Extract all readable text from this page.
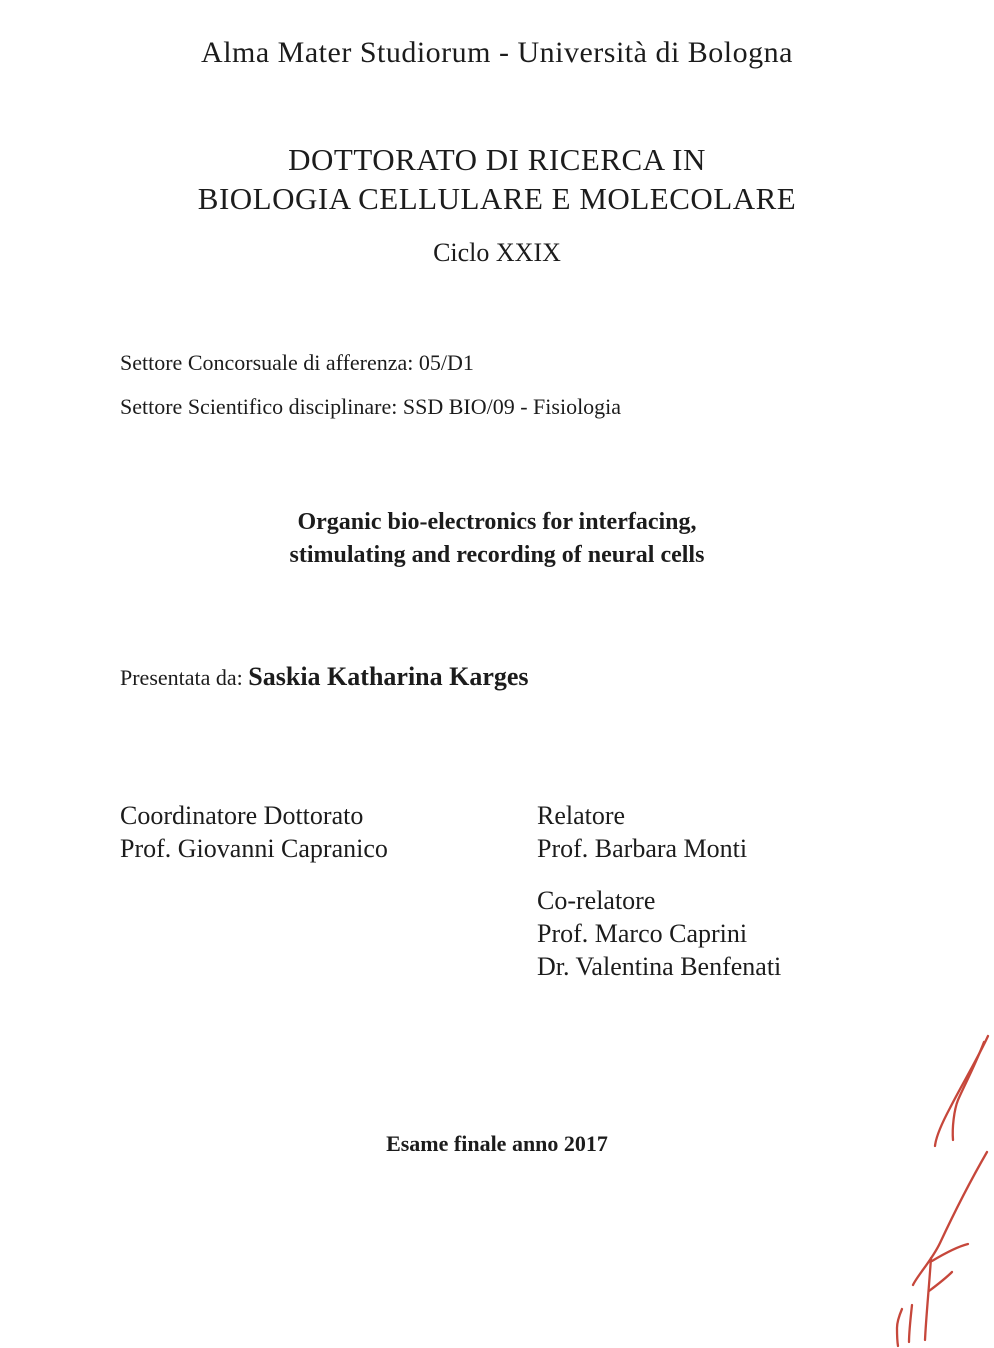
Alma Mater Studiorum - Università di Bologna
DOTTORATO DI RICERCA IN
BIOLOGIA CELLULARE E MOLECOLARE
Ciclo XXIX
Settore Concorsuale di afferenza: 05/D1
Settore Scientifico disciplinare: SSD BIO/09 - Fisiologia
Organic bio-electronics for interfacing,
stimulating and recording of neural cells
Presentata da: Saskia Katharina Karges
Coordinatore Dottorato
Prof. Giovanni Capranico
Relatore
Prof. Barbara Monti
Co-relatore
Prof. Marco Caprini
Dr. Valentina Benfenati
Esame finale anno 2017
